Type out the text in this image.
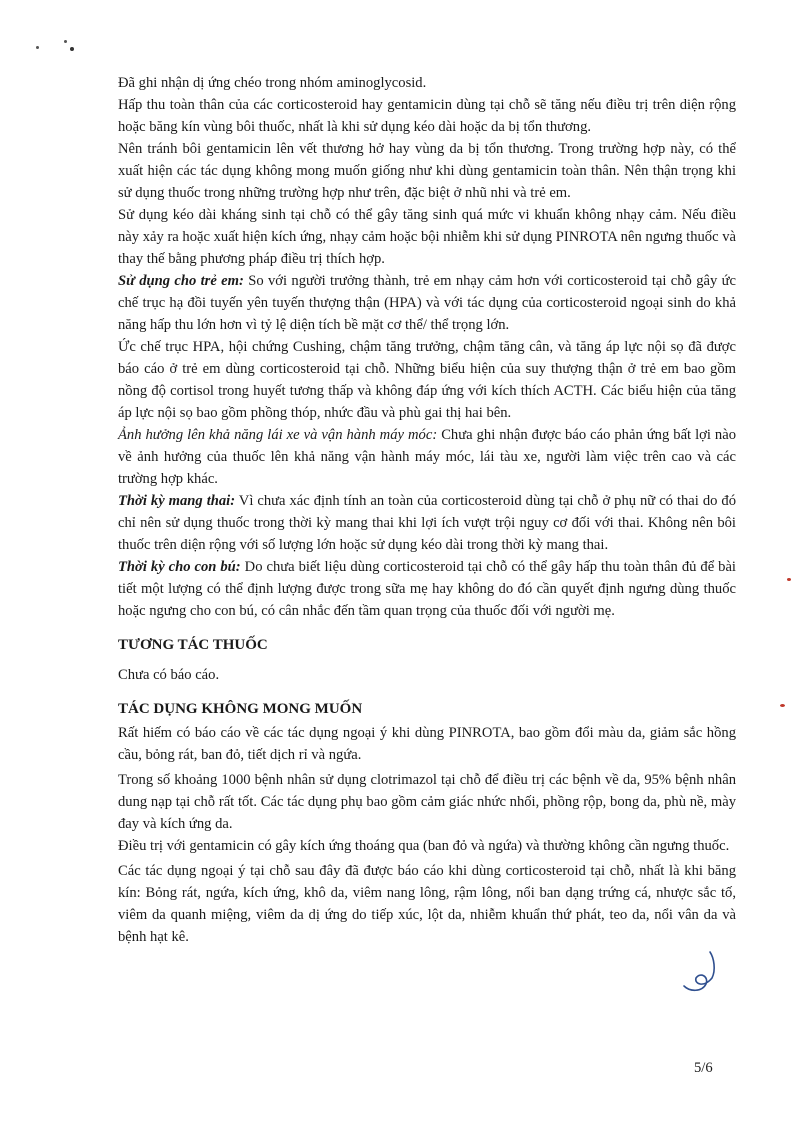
Đã ghi nhận dị ứng chéo trong nhóm aminoglycosid.

Hấp thu toàn thân của các corticosteroid hay gentamicin dùng tại chỗ sẽ tăng nếu điều trị trên diện rộng hoặc băng kín vùng bôi thuốc, nhất là khi sử dụng kéo dài hoặc da bị tổn thương.

Nên tránh bôi gentamicin lên vết thương hở hay vùng da bị tổn thương. Trong trường hợp này, có thể xuất hiện các tác dụng không mong muốn giống như khi dùng gentamicin toàn thân. Nên thận trọng khi sử dụng thuốc trong những trường hợp như trên, đặc biệt ở nhũ nhi và trẻ em.

Sử dụng kéo dài kháng sinh tại chỗ có thể gây tăng sinh quá mức vi khuẩn không nhạy cảm. Nếu điều này xảy ra hoặc xuất hiện kích ứng, nhạy cảm hoặc bội nhiễm khi sử dụng PINROTA nên ngưng thuốc và thay thế bằng phương pháp điều trị thích hợp.

Sử dụng cho trẻ em: So với người trưởng thành, trẻ em nhạy cảm hơn với corticosteroid tại chỗ gây ức chế trục hạ đồi tuyến yên tuyến thượng thận (HPA) và với tác dụng của corticosteroid ngoại sinh do khả năng hấp thu lớn hơn vì tỷ lệ diện tích bề mặt cơ thể/ thể trọng lớn.

Ức chế trục HPA, hội chứng Cushing, chậm tăng trưởng, chậm tăng cân, và tăng áp lực nội sọ đã được báo cáo ở trẻ em dùng corticosteroid tại chỗ. Những biểu hiện của suy thượng thận ở trẻ em bao gồm nồng độ cortisol trong huyết tương thấp và không đáp ứng với kích thích ACTH. Các biểu hiện của tăng áp lực nội sọ bao gồm phồng thóp, nhức đầu và phù gai thị hai bên.

Ảnh hưởng lên khả năng lái xe và vận hành máy móc: Chưa ghi nhận được báo cáo phản ứng bất lợi nào về ảnh hưởng của thuốc lên khả năng vận hành máy móc, lái tàu xe, người làm việc trên cao và các trường hợp khác.

Thời kỳ mang thai: Vì chưa xác định tính an toàn của corticosteroid dùng tại chỗ ở phụ nữ có thai do đó chỉ nên sử dụng thuốc trong thời kỳ mang thai khi lợi ích vượt trội nguy cơ đối với thai. Không nên bôi thuốc trên diện rộng với số lượng lớn hoặc sử dụng kéo dài trong thời kỳ mang thai.

Thời kỳ cho con bú: Do chưa biết liệu dùng corticosteroid tại chỗ có thể gây hấp thu toàn thân đủ để bài tiết một lượng có thể định lượng được trong sữa mẹ hay không do đó cần quyết định ngưng dùng thuốc hoặc ngưng cho con bú, có cân nhắc đến tầm quan trọng của thuốc đối với người mẹ.

TƯƠNG TÁC THUỐC

Chưa có báo cáo.

TÁC DỤNG KHÔNG MONG MUỐN

Rất hiếm có báo cáo về các tác dụng ngoại ý khi dùng PINROTA, bao gồm đổi màu da, giảm sắc hồng cầu, bỏng rát, ban đỏ, tiết dịch rỉ và ngứa.

Trong số khoảng 1000 bệnh nhân sử dụng clotrimazol tại chỗ để điều trị các bệnh về da, 95% bệnh nhân dung nạp tại chỗ rất tốt. Các tác dụng phụ bao gồm cảm giác nhức nhối, phồng rộp, bong da, phù nề, mày đay và kích ứng da.

Điều trị với gentamicin có gây kích ứng thoáng qua (ban đỏ và ngứa) và thường không cần ngưng thuốc.

Các tác dụng ngoại ý tại chỗ sau đây đã được báo cáo khi dùng corticosteroid tại chỗ, nhất là khi băng kín: Bỏng rát, ngứa, kích ứng, khô da, viêm nang lông, rậm lông, nổi ban dạng trứng cá, nhược sắc tố, viêm da quanh miệng, viêm da dị ứng do tiếp xúc, lột da, nhiễm khuẩn thứ phát, teo da, nổi vân da và bệnh hạt kê.

5/6
